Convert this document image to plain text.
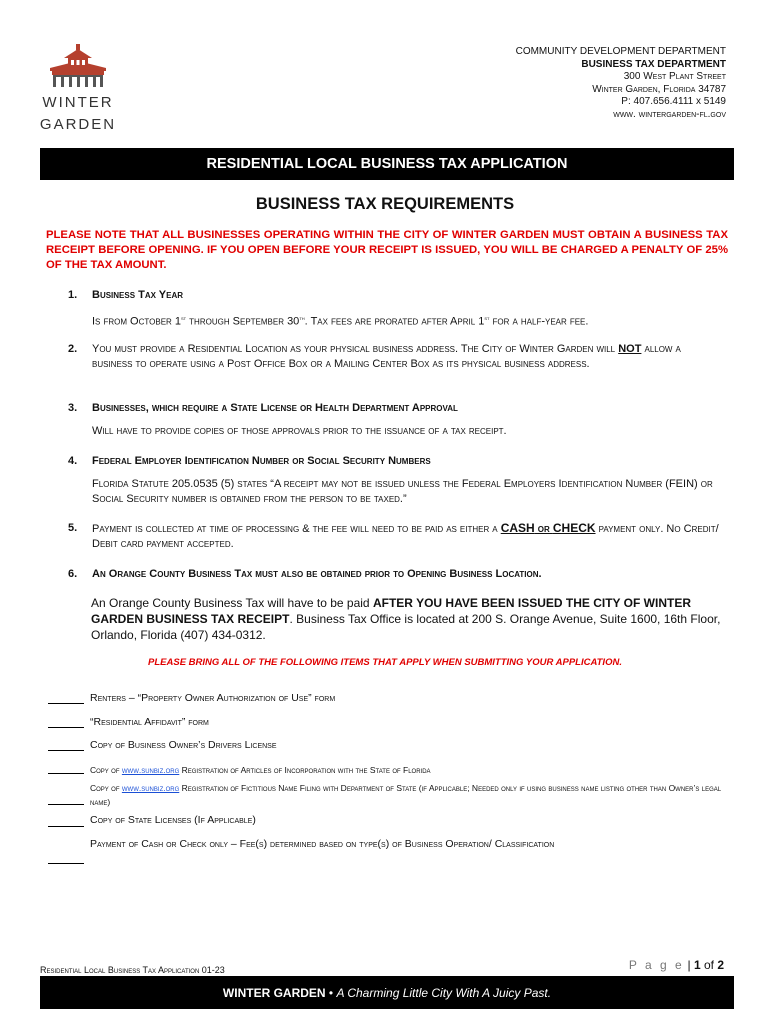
WINTER
GARDEN
COMMUNITY DEVELOPMENT DEPARTMENT
BUSINESS TAX DEPARTMENT
300 West Plant Street
Winter Garden, Florida 34787
P: 407.656.4111 x 5149
www. wintergarden-fl.gov
RESIDENTIAL LOCAL BUSINESS TAX APPLICATION
BUSINESS TAX REQUIREMENTS
PLEASE NOTE THAT ALL BUSINESSES OPERATING WITHIN THE CITY OF WINTER GARDEN MUST OBTAIN A BUSINESS TAX RECEIPT BEFORE OPENING. IF YOU OPEN BEFORE YOUR RECEIPT IS ISSUED, YOU WILL BE CHARGED A PENALTY OF 25% OF THE TAX AMOUNT.
1. Business Tax Year
Is from October 1st through September 30th. Tax fees are prorated after April 1st for a half-year fee.
2. You must provide a Residential Location as your physical business address. The City of Winter Garden will NOT allow a business to operate using a Post Office Box or a Mailing Center Box as its physical business address.
3. Businesses, which require a State License or Health Department Approval
Will have to provide copies of those approvals prior to the issuance of a tax receipt.
4. Federal Employer Identification Number or Social Security Numbers
Florida Statute 205.0535 (5) states “A receipt may not be issued unless the Federal Employers Identification Number (FEIN) or Social Security number is obtained from the person to be taxed.”
5. Payment is collected at time of processing & the fee will need to be paid as either a CASH or CHECK payment only. No Credit/ Debit card payment accepted.
6. An Orange County Business Tax must also be obtained prior to Opening Business Location.
An Orange County Business Tax will have to be paid AFTER YOU HAVE BEEN ISSUED THE CITY OF WINTER GARDEN BUSINESS TAX RECEIPT. Business Tax Office is located at 200 S. Orange Avenue, Suite 1600, 16th Floor, Orlando, Florida (407) 434-0312.
PLEASE BRING ALL OF THE FOLLOWING ITEMS THAT APPLY WHEN SUBMITTING YOUR APPLICATION.
Renters – “Property Owner Authorization of Use” form
“Residential Affidavit” form
Copy of Business Owner’s Drivers License
Copy of www.sunbiz.org Registration of Articles of Incorporation with the State of Florida
Copy of www.sunbiz.org Registration of Fictitious Name Filing with Department of State (if Applicable; Needed only if using business name listing other than Owner’s legal name)
Copy of State Licenses (If Applicable)
Payment of Cash or Check only – Fee(s) determined based on type(s) of Business Operation/ Classification
Residential Local Business Tax Application 01-23	P a g e | 1 of 2
WINTER GARDEN • A Charming Little City With A Juicy Past.
